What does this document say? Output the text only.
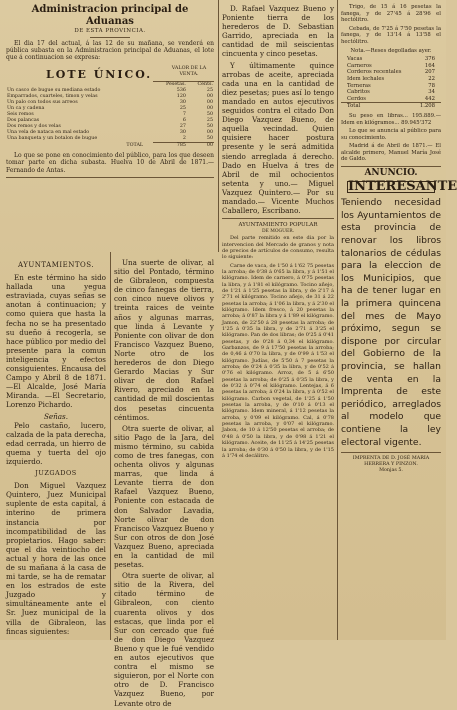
Administracion principal de Aduanas
DE ESTA PROVINCIA.

El dia 17 del actual, á las 12 de su mañana, se venderá en pública subasta en la Administracion principal de Aduanas, el lote que á continuacion se expresa:

LOTE ÚNICO.
VALOR DE LA VENTA.
	Pesetas.	Cénts.
Un casco de bugue su mediana estado	536	25
Emparrados, cuarteles, timon y velas	120	00
Un palo con todos sus arreos	30	00
Un ca y cadena	25	00
Seis remos	7	50
Dos palancas	6	25
Dos remos y dos velas	27	50
Una vela de nataca en mal estado	30	00
Una banqueta y un botalon de bugue	2	50
TOTAL	785	00

Lo que se pone en conocimiento del público, para los que deseen tomar parte en dicha subasta. Huelva 10 de Abril de 1871.—Fernando de Antas.

AYUNTAMIENTOS.

En este término ha sido hallada una yegua estraviada, cuyas señas se anotan á continuacion; y como quiera que hasta la fecha no se ha presentado su dueño á recogerla, se hace público por medio del presente para la comun inteligencia y efectos consiguientes. Encausa del Campo y Abril 8 de 1871.—El Alcalde, José María Miranda. —El Secretario, Lorenzo Pichardo.

Señas.

Pelo castaño, lucero, calzada de la pata derecha, edad cerrada, un hierro de quema y tuerta del ojo izquierdo.

JUZGADOS

Don Miguel Vazquez Quintero, Juez Municipal suplente de esta capital, á interino de primera instancia por incompatibilidad de las propietarios. Hago saber: que el dia veintiocho del actual y hora de las once de su mañana á la casa de mi tarde, se ha de rematar en los estrados de este Juzgado y simultáneamente ante el Sr. Juez municipal de la villa de Gibraleon, las fincas siguientes:

Una suerte de olivar, al sitio del Pontado, término de Gibraleon, compuesta de cinco fanegas de tierra, con cinco nueve olivos y treinta raices de veinte años y algunas marras, que linda á Levante y Poniente con olivar de don Francisco Vazquez Bueno, Norte otro de los herederos de don Diego Gerardo Macias y Sur olivar de don Rafael Rivero, apreciado en la cantidad de mil doscientas dos pesetas cincuenta céntimos.

Otra suerte de olivar, al sitio Pago de la Jara, del mismo término, su cabida como de tres fanegas, con ochenta olivos y algunas marras, que linda á Levante tierra de don Rafael Vazquez Bueno, Poniente con estacada de don Salvador Lavadia, Norte olivar de don Francisco Vazquez Bueno y Sur con otros de don José Vazquez Bueno, apreciada en la cantidad de mil pesetas.

Otra suerte de olivar, al sitio de la Rivera, del citado término de Gibraleon, con ciento cuarenta olivos y dos estacas, que linda por el Sur con cercado que fué de don Diego Vazquez Bueno y que le fué vendido en autos ejecutivos que contra el mismo se siguieron, por el Norte con otro de D. Francisco Vazquez Bueno, por Levante otro de

D. Rafael Vazquez Bueno y Poniente tierra de los herederos de D. Sebastian Garrido, apreciada en la cantidad de mil seiscientas cincuenta y cinco pesetas.

Y últimamente quince arrobas de aceite, apreciada cada una en la cantidad de diez pesetas; pues así lo tengo mandado en autos ejecutivos seguidos contra el citado Don Diego Vazquez Bueno, de aquella vecindad. Quien quisiere hacer postura presente y le será admitida siendo arreglada á derecho. Dado en Huelva á tres de Abril de mil ochocientos setenta y uno.— Miguel Vazquez Quintero.— Por su mandado.— Vicente Muchos Caballero, Escribano.

AYUNTAMIENTO POPULAR
DE MOGUER.

Del parte remitido en este dia por la intervencion del Mercado de granos y nota de precios de artículos de consumo, resulta lo siguiente:

Carne de vaca, de 1'50 á 1'62 75 pesetas la arroba; de 0'38 á 0'65 la libra, y á 1'51 el kilógramo. Idem de carnero, á 0'75 pesetas la libra, y á 1'81 el kilógramo. Tocino añejo, de 1'21 á 1'25 pesetas la libra, y de 2'17 á 2'71 el kilógramo. Tocino añejo, de 31 á 22 pesetas la arroba; á 1'06 la libra, y á 2'30 el kilógramo. Idem fresco, á 20 pesetas la arroba; á 0'87 la libra y á 1'89 el kilógramo. Jamon, de 22'50 á 28 pesetas la arroba; de 1'25 á 0'35 la libra, y de 2'71 á 3'25 el kilógramo. Pan de dos libras; de 0'25 á 0'41 pesetas, y de 0'28 á 0,34 el kilógramo. Garbanzos, de 9 á 17'50 pesetas la arroba; de 0,46 á 0'70 la libra, y de 0'99 á 1'53 el kilógramo. Judías, de 5'50 á 7 pesetas la arroba; de 0'24 á 0'35 la libra, y de 0'52 á 0'76 el kilógramo. Arroz, de 5 á 6'50 pesetas la arroba; de 0'25 á 0'35 la libra, y de 0'32 á 0'74 el kilógramo. Lentejas, á 6 pesetas la arroba; á 0'24 la libra, y á 0'52 el kilógramo. Carbon vegetal, de 1'25 á 1'50 pesetas la arroba, y de 0'10 á 0'13 el kilógramo. Idem mineral, á 1'12 pesetas la arroba, y 0'09 el kilógramo. Cal, á 0'78 pesetas la arroba, y 0'07 el kilógramo. Jabon, de 10 á 12'50 pesetas el arroba; de 0'48 á 0'50 la libra, y de 0'98 á 1'21 el kilógramo. Aceite, de 11'25 á 14'25 pesetas la arroba; de 0'30 á 0'50 la libra, y de 1'15 á 1'74 el decálitro.

Trigo, de 15 á 16 pesetas la fanega, y de 27'45 á 28'96 el hectólitro.

Cebada, de 7'25 á 7'50 pesetas la fanega, y de 13'14 á 13'58 el hectólitro.

Nota.—Reses degolladas ayer.

Vacas	376
Carneros	164
Corderos recentales	207
Idem lechales	22
Terneras	78
Cabritos	34
Cerdos	442
Total	1.208

Su peso en libras... 195.889.— Idem en kilógramos... 89.945'372

Lo que se anuncia al público para su conocimiento.

Madrid á de Abril de 1871.— El alcalde primero, Manuel María José de Galdo.

ANUNCIO.
INTERESANTE
Teniendo necesidad los Ayuntamientos de esta provincia de renovar los libros talonarios de cédulas para la eleccion de los Municipios, que ha de tener lugar en la primera quincena del mes de Mayo próximo, segun se dispone por circular del Gobierno de la provincia, se hallan de venta en la Imprenta de este periódico, arreglados al modelo que contiene la ley electoral vigente.
IMPRENTA DE D. JOSÉ MARIA HERRERA Y PINZON.
Monjas 5.
